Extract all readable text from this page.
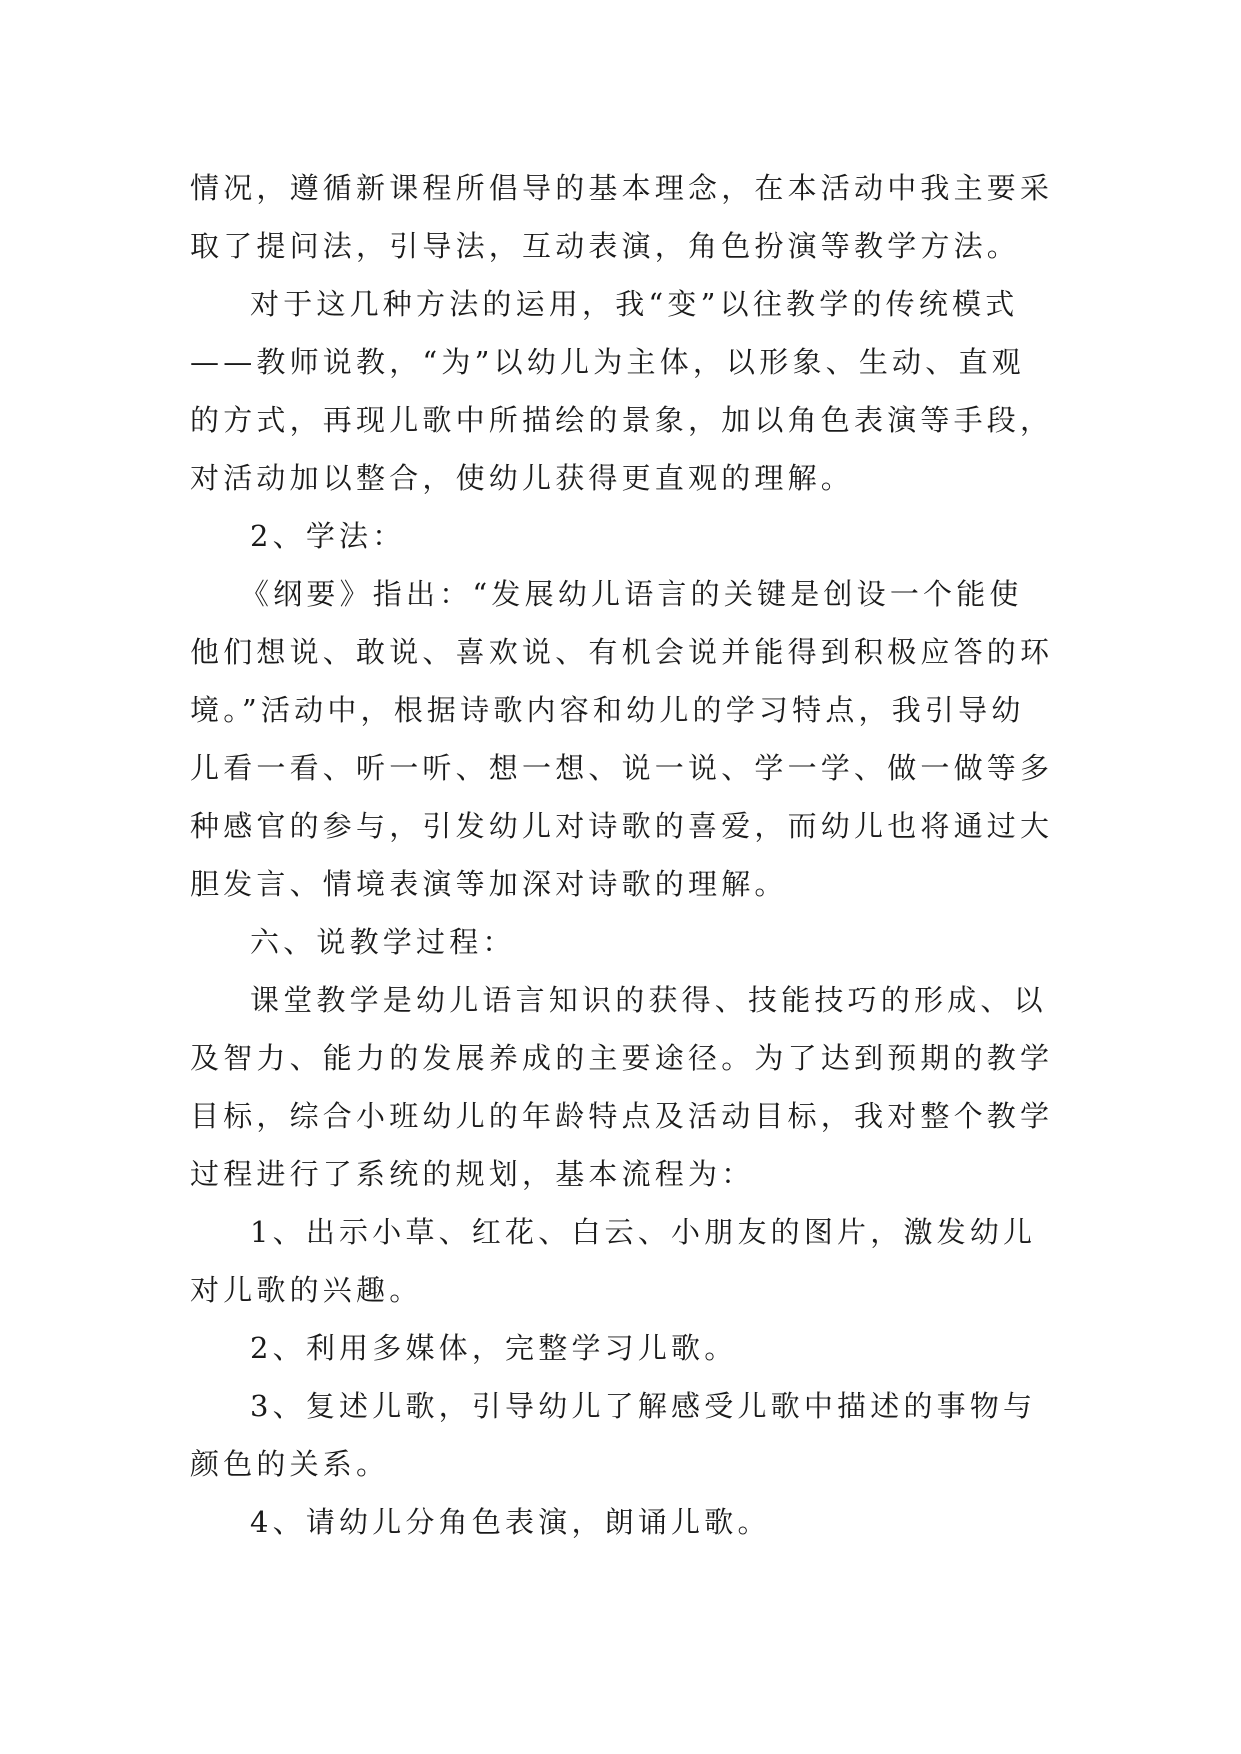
情况，遵循新课程所倡导的基本理念，在本活动中我主要采
取了提问法，引导法，互动表演，角色扮演等教学方法。
对于这几种方法的运用，我“变”以往教学的传统模式
——教师说教，“为”以幼儿为主体，以形象、生动、直观
的方式，再现儿歌中所描绘的景象，加以角色表演等手段，
对活动加以整合，使幼儿获得更直观的理解。
2、学法：
《纲要》指出：“发展幼儿语言的关键是创设一个能使
他们想说、敢说、喜欢说、有机会说并能得到积极应答的环
境。”活动中，根据诗歌内容和幼儿的学习特点，我引导幼
儿看一看、听一听、想一想、说一说、学一学、做一做等多
种感官的参与，引发幼儿对诗歌的喜爱，而幼儿也将通过大
胆发言、情境表演等加深对诗歌的理解。
六、说教学过程：
课堂教学是幼儿语言知识的获得、技能技巧的形成、以
及智力、能力的发展养成的主要途径。为了达到预期的教学
目标，综合小班幼儿的年龄特点及活动目标，我对整个教学
过程进行了系统的规划，基本流程为：
1、出示小草、红花、白云、小朋友的图片，激发幼儿
对儿歌的兴趣。
2、利用多媒体，完整学习儿歌。
3、复述儿歌，引导幼儿了解感受儿歌中描述的事物与
颜色的关系。
4、请幼儿分角色表演，朗诵儿歌。
